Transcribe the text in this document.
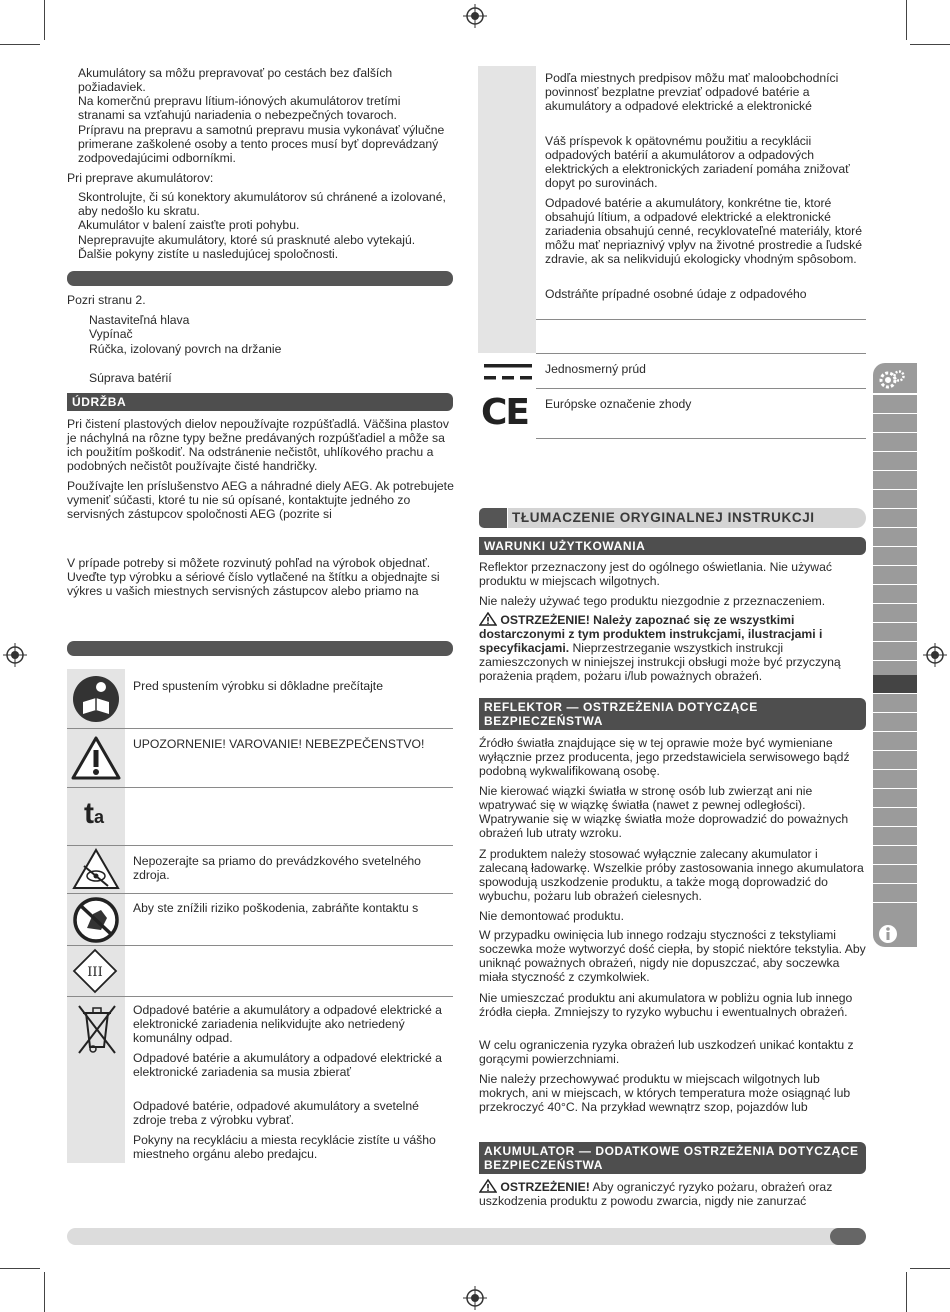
Akumulátory sa môžu prepravovať po cestách bez ďalších požiadaviek.

Na komerčnú prepravu lítium-iónových akumulátorov tretími stranami sa vzťahujú nariadenia o nebezpečných tovaroch.

Prípravu na prepravu a samotnú prepravu musia vykonávať výlučne primerane zaškolené osoby a tento proces musí byť doprevádzaný zodpovedajúcimi odborníkmi.

Pri preprave akumulátorov:

Skontrolujte, či sú konektory akumulátorov sú chránené a izolované, aby nedošlo ku skratu.

Akumulátor v balení zaisťte proti pohybu.

Neprepravujte akumulátory, ktoré sú prasknuté alebo vytekajú.

Ďalšie pokyny zistíte u nasledujúcej spoločnosti.

Pozri stranu 2.

Nastaviteľná hlava

Vypínač

Rúčka, izolovaný povrch na držanie

Súprava batérií

ÚDRŽBA

Pri čistení plastových dielov nepoužívajte rozpúšťadlá. Väčšina plastov je náchylná na rôzne typy bežne predávaných rozpúšťadiel a môže sa ich použitím poškodiť. Na odstránenie nečistôt, uhlíkového prachu a podobných nečistôt používajte čisté handričky.

Používajte len príslušenstvo AEG a náhradné diely AEG. Ak potrebujete vymeniť súčasti, ktoré tu nie sú opísané, kontaktujte jedného zo servisných zástupcov spoločnosti AEG (pozrite si

V prípade potreby si môžete rozvinutý pohľad na výrobok objednať. Uveďte typ výrobku a sériové číslo vytlačené na štítku a objednajte si výkres u vašich miestnych servisných zástupcov alebo priamo na

Pred spustením výrobku si dôkladne prečítajte

UPOZORNENIE! VAROVANIE! NEBEZPEČENSTVO!

ta

Nepozerajte sa priamo do prevádzkového svetelného zdroja.

Aby ste znížili riziko poškodenia, zabráňte kontaktu s

III

Odpadové batérie a akumulátory a odpadové elektrické a elektronické zariadenia nelikvidujte ako netriedený komunálny odpad.

Odpadové batérie a akumulátory a odpadové elektrické a elektronické zariadenia sa musia zbierať

Odpadové batérie, odpadové akumulátory a svetelné zdroje treba z výrobku vybrať.

Pokyny na recykláciu a miesta recyklácie zistíte u vášho miestneho orgánu alebo predajcu.

Podľa miestnych predpisov môžu mať maloobchodníci povinnosť bezplatne prevziať odpadové batérie a akumulátory a odpadové elektrické a elektronické

Váš príspevok k opätovnému použitiu a recyklácii odpadových batérií a akumulátorov a odpadových elektrických a elektronických zariadení pomáha znižovať dopyt po surovinách.

Odpadové batérie a akumulátory, konkrétne tie, ktoré obsahujú lítium, a odpadové elektrické a elektronické zariadenia obsahujú cenné, recyklovateľné materiály, ktoré môžu mať nepriaznivý vplyv na životné prostredie a ľudské zdravie, ak sa nelikvidujú ekologicky vhodným spôsobom.

Odstráňte prípadné osobné údaje z odpadového

Jednosmerný prúd

CE Európske označenie zhody

TŁUMACZENIE ORYGINALNEJ INSTRUKCJI
WARUNKI UŻYTKOWANIA

Reflektor przeznaczony jest do ogólnego oświetlania. Nie używać produktu w miejscach wilgotnych.

Nie należy używać tego produktu niezgodnie z przeznaczeniem.

OSTRZEŻENIE! Należy zapoznać się ze wszystkimi dostarczonymi z tym produktem instrukcjami, ilustracjami i specyfikacjami. Nieprzestrzeganie wszystkich instrukcji zamieszczonych w niniejszej instrukcji obsługi może być przyczyną porażenia prądem, pożaru i/lub poważnych obrażeń.

REFLEKTOR — OSTRZEŻENIA DOTYCZĄCE BEZPIECZEŃSTWA

Źródło światła znajdujące się w tej oprawie może być wymieniane wyłącznie przez producenta, jego przedstawiciela serwisowego bądź podobną wykwalifikowaną osobę.

Nie kierować wiązki światła w stronę osób lub zwierząt ani nie wpatrywać się w wiązkę światła (nawet z pewnej odległości). Wpatrywanie się w wiązkę światła może doprowadzić do poważnych obrażeń lub utraty wzroku.

Z produktem należy stosować wyłącznie zalecany akumulator i zalecaną ładowarkę. Wszelkie próby zastosowania innego akumulatora spowodują uszkodzenie produktu, a także mogą doprowadzić do wybuchu, pożaru lub obrażeń cielesnych.

Nie demontować produktu.

W przypadku owinięcia lub innego rodzaju styczności z tekstyliami soczewka może wytworzyć dość ciepła, by stopić niektóre tekstylia. Aby uniknąć poważnych obrażeń, nigdy nie dopuszczać, aby soczewka miała styczność z czymkolwiek.

Nie umieszczać produktu ani akumulatora w pobliżu ognia lub innego źródła ciepła. Zmniejszy to ryzyko wybuchu i ewentualnych obrażeń.

W celu ograniczenia ryzyka obrażeń lub uszkodzeń unikać kontaktu z gorącymi powierzchniami.

Nie należy przechowywać produktu w miejscach wilgotnych lub mokrych, ani w miejscach, w których temperatura może osiągnąć lub przekroczyć 40°C. Na przykład wewnątrz szop, pojazdów lub

AKUMULATOR — DODATKOWE OSTRZEŻENIA DOTYCZĄCE BEZPIECZEŃSTWA

OSTRZEŻENIE! Aby ograniczyć ryzyko pożaru, obrażeń oraz uszkodzenia produktu z powodu zwarcia, nigdy nie zanurzać
